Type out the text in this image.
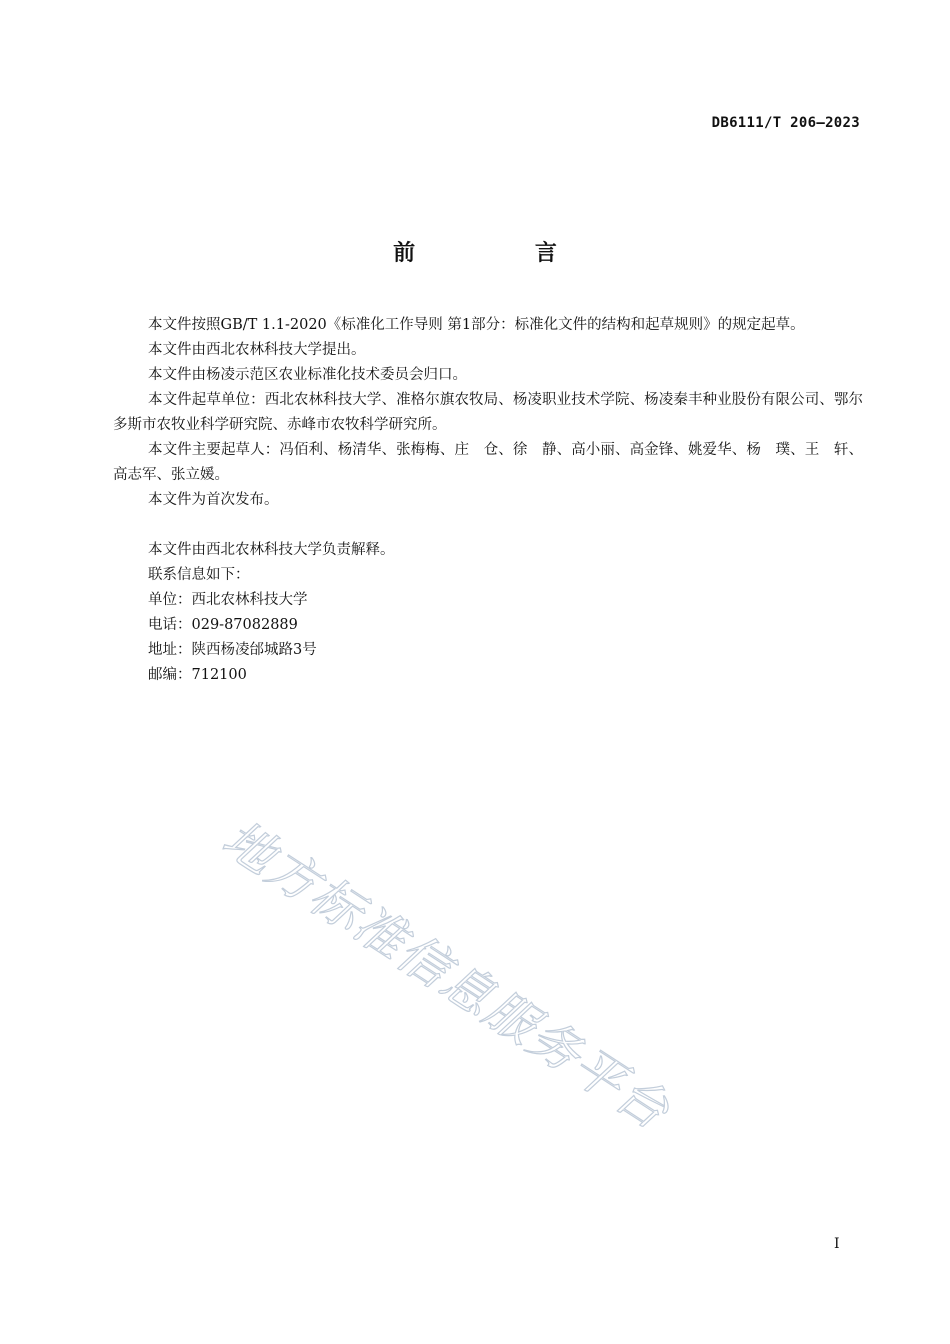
DB6111/T 206—2023
前 言

本文件按照GB/T 1.1-2020《标准化工作导则 第1部分：标准化文件的结构和起草规则》的规定起草。

本文件由西北农林科技大学提出。

本文件由杨凌示范区农业标准化技术委员会归口。

本文件起草单位：西北农林科技大学、准格尔旗农牧局、杨凌职业技术学院、杨凌秦丰种业股份有限公司、鄂尔多斯市农牧业科学研究院、赤峰市农牧科学研究所。

本文件主要起草人：冯佰利、杨清华、张梅梅、庄　仓、徐　静、高小丽、高金锋、姚爱华、杨　璞、王　轩、高志军、张立媛。

本文件为首次发布。

本文件由西北农林科技大学负责解释。

联系信息如下：

单位：西北农林科技大学

电话：029-87082889

地址：陕西杨凌邰城路3号

邮编：712100

地方标准信息服务平台
I
